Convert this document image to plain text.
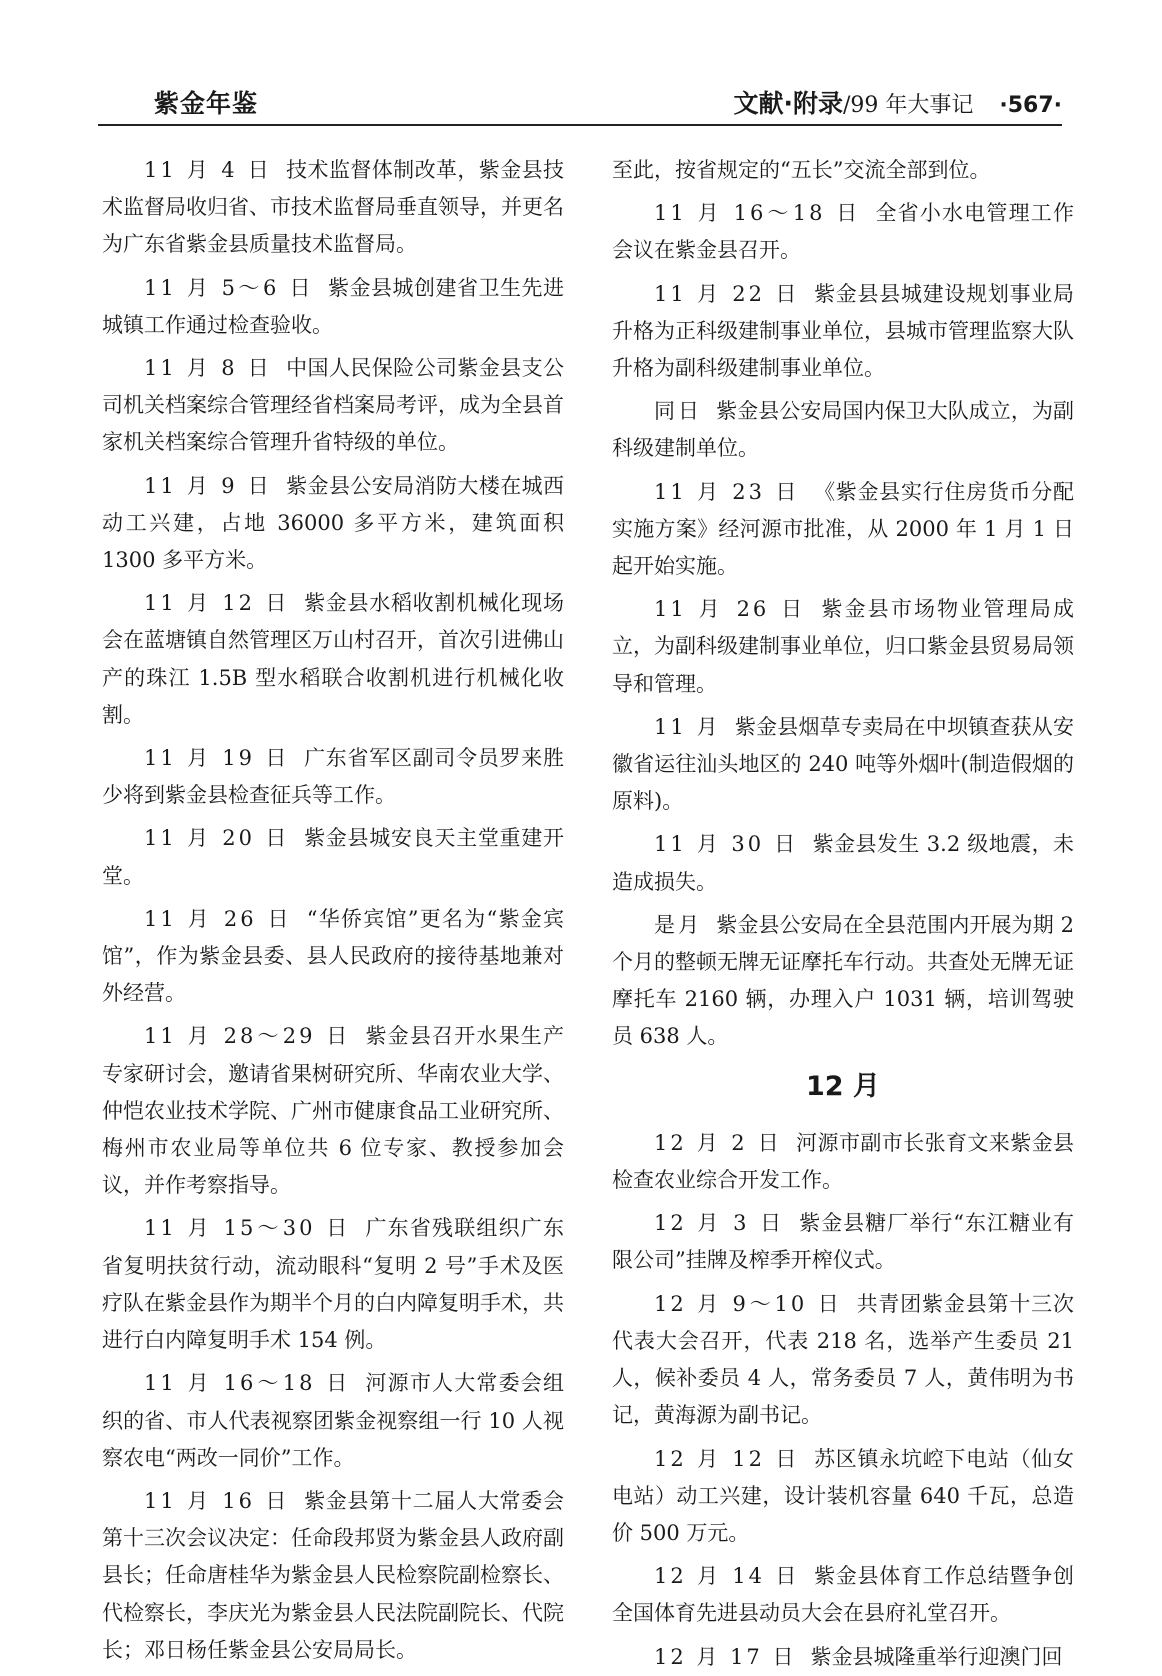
紫金年鉴	文献·附录/99 年大事记 ·567·

11 月 4 日 技术监督体制改革，紫金县技术监督局收归省、市技术监督局垂直领导，并更名为广东省紫金县质量技术监督局。

11 月 5～6 日 紫金县城创建省卫生先进城镇工作通过检查验收。

11 月 8 日 中国人民保险公司紫金县支公司机关档案综合管理经省档案局考评，成为全县首家机关档案综合管理升省特级的单位。

11 月 9 日 紫金县公安局消防大楼在城西动工兴建，占地 36000 多平方米，建筑面积 1300 多平方米。

11 月 12 日 紫金县水稻收割机械化现场会在蓝塘镇自然管理区万山村召开，首次引进佛山产的珠江 1.5B 型水稻联合收割机进行机械化收割。

11 月 19 日 广东省军区副司令员罗来胜少将到紫金县检查征兵等工作。

11 月 20 日 紫金县城安良天主堂重建开堂。

11 月 26 日 “华侨宾馆”更名为“紫金宾馆”，作为紫金县委、县人民政府的接待基地兼对外经营。

11 月 28～29 日 紫金县召开水果生产专家研讨会，邀请省果树研究所、华南农业大学、仲恺农业技术学院、广州市健康食品工业研究所、梅州市农业局等单位共 6 位专家、教授参加会议，并作考察指导。

11 月 15～30 日 广东省残联组织广东省复明扶贫行动，流动眼科“复明 2 号”手术及医疗队在紫金县作为期半个月的白内障复明手术，共进行白内障复明手术 154 例。

11 月 16～18 日 河源市人大常委会组织的省、市人代表视察团紫金视察组一行 10 人视察农电“两改一同价”工作。

11 月 16 日 紫金县第十二届人大常委会第十三次会议决定：任命段邦贤为紫金县人政府副县长；任命唐桂华为紫金县人民检察院副检察长、代检察长，李庆光为紫金县人民法院副院长、代院长；邓日杨任紫金县公安局局长。

至此，按省规定的“五长”交流全部到位。

11 月 16～18 日 全省小水电管理工作会议在紫金县召开。

11 月 22 日 紫金县县城建设规划事业局升格为正科级建制事业单位，县城市管理监察大队升格为副科级建制事业单位。

同日 紫金县公安局国内保卫大队成立，为副科级建制单位。

11 月 23 日 《紫金县实行住房货币分配实施方案》经河源市批准，从 2000 年 1 月 1 日起开始实施。

11 月 26 日 紫金县市场物业管理局成立，为副科级建制事业单位，归口紫金县贸易局领导和管理。

11 月 紫金县烟草专卖局在中坝镇查获从安徽省运往汕头地区的 240 吨等外烟叶(制造假烟的原料)。

11 月 30 日 紫金县发生 3.2 级地震，未造成损失。

是月 紫金县公安局在全县范围内开展为期 2 个月的整顿无牌无证摩托车行动。共查处无牌无证摩托车 2160 辆，办理入户 1031 辆，培训驾驶员 638 人。

12 月

12 月 2 日 河源市副市长张育文来紫金县检查农业综合开发工作。

12 月 3 日 紫金县糖厂举行“东江糖业有限公司”挂牌及榨季开榨仪式。

12 月 9～10 日 共青团紫金县第十三次代表大会召开，代表 218 名，选举产生委员 21 人，候补委员 4 人，常务委员 7 人，黄伟明为书记，黄海源为副书记。

12 月 12 日 苏区镇永坑崆下电站（仙女电站）动工兴建，设计装机容量 640 千瓦，总造价 500 万元。

12 月 14 日 紫金县体育工作总结暨争创全国体育先进县动员大会在县府礼堂召开。

12 月 17 日 紫金县城隆重举行迎澳门回
